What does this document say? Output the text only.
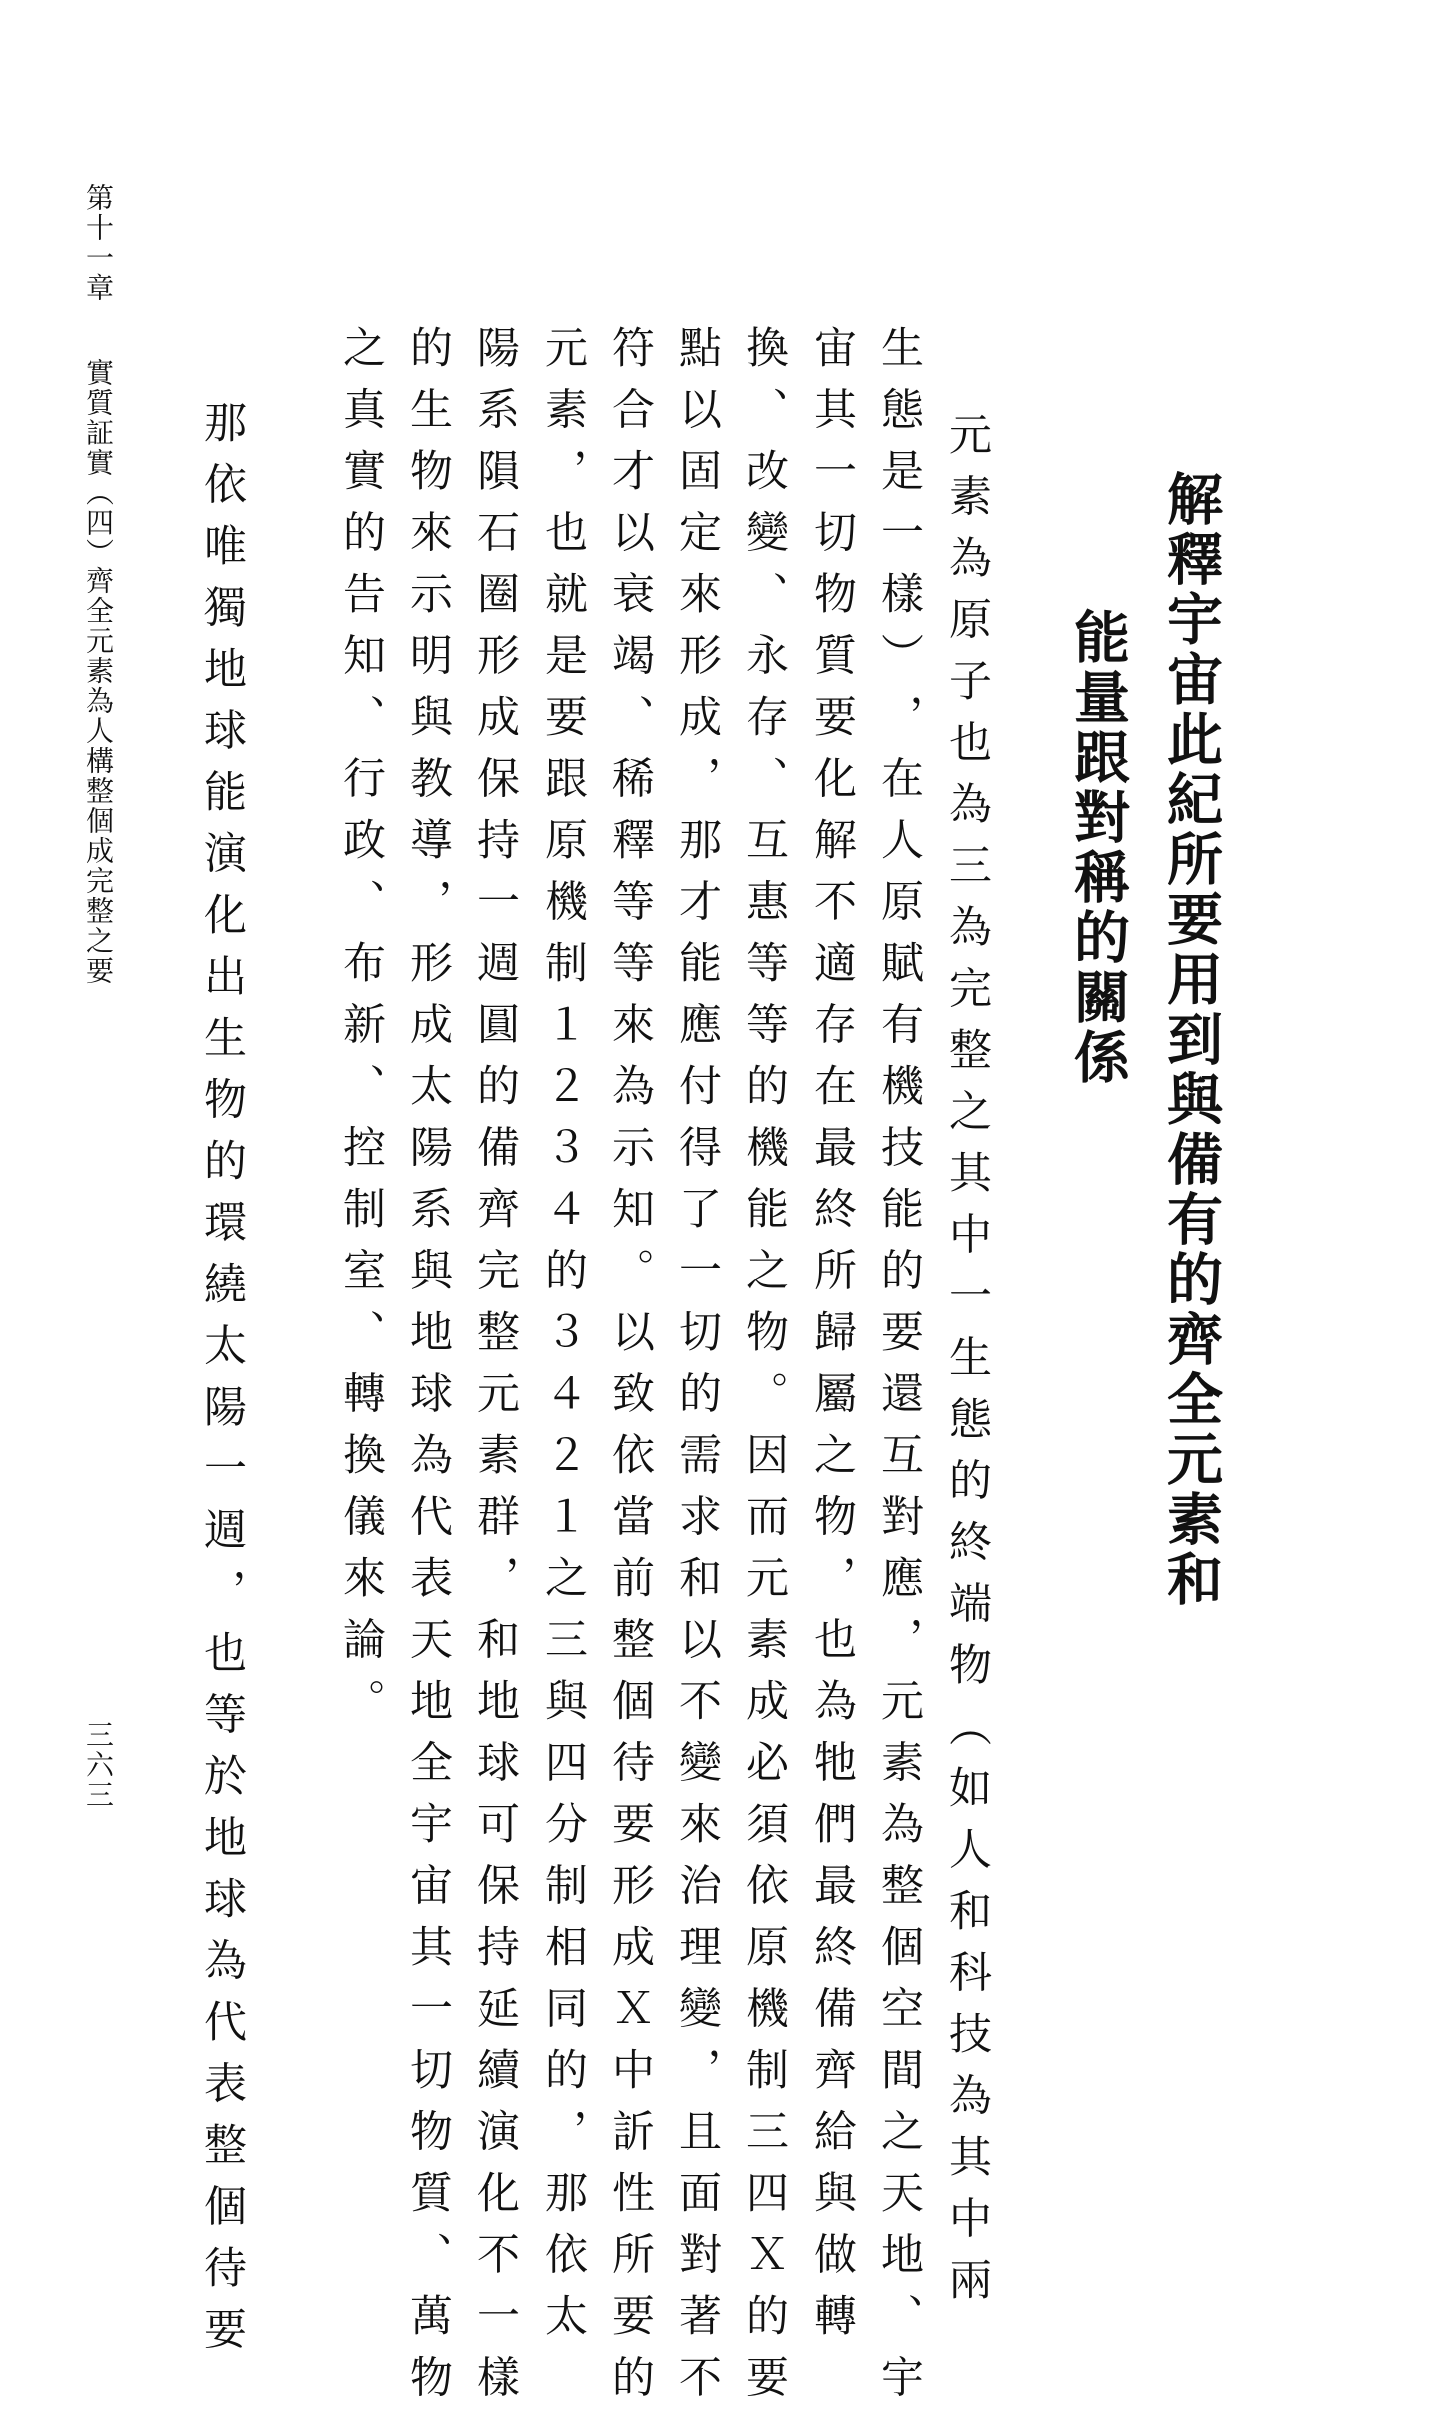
解釋宇宙此紀所要用到與備有的齊全元素和
能量跟對稱的關係
元素為原子也為三為完整之其中一生態的終端物︵如人和科技為其中兩
生態是一樣︶，在人原賦有機技能的要還互對應，元素為整個空間之天地、宇
宙其一切物質要化解不適存在最終所歸屬之物，也為牠們最終備齊給與做轉
換、改變、永存、互惠等等的機能之物。因而元素成必須依原機制三四Ｘ的要
點以固定來形成，那才能應付得了一切的需求和以不變來治理變，且面對著不
符合才以衰竭、稀釋等等來為示知。以致依當前整個待要形成Ｘ中訢性所要的
元素，也就是要跟原機制１２３４的３４２１之三與四分制相同的，那依太
陽系隕石圈形成保持一週圓的備齊完整元素群，和地球可保持延續演化不一樣
的生物來示明與教導，形成太陽系與地球為代表天地全宇宙其一切物質、萬物
之真實的告知、行政、布新、控制室、轉換儀來論。
那依唯獨地球能演化出生物的環繞太陽一週，也等於地球為代表整個待要
第十一章
實質証實︵四︶
齊全元素為人構整個成完整之要
三六三
